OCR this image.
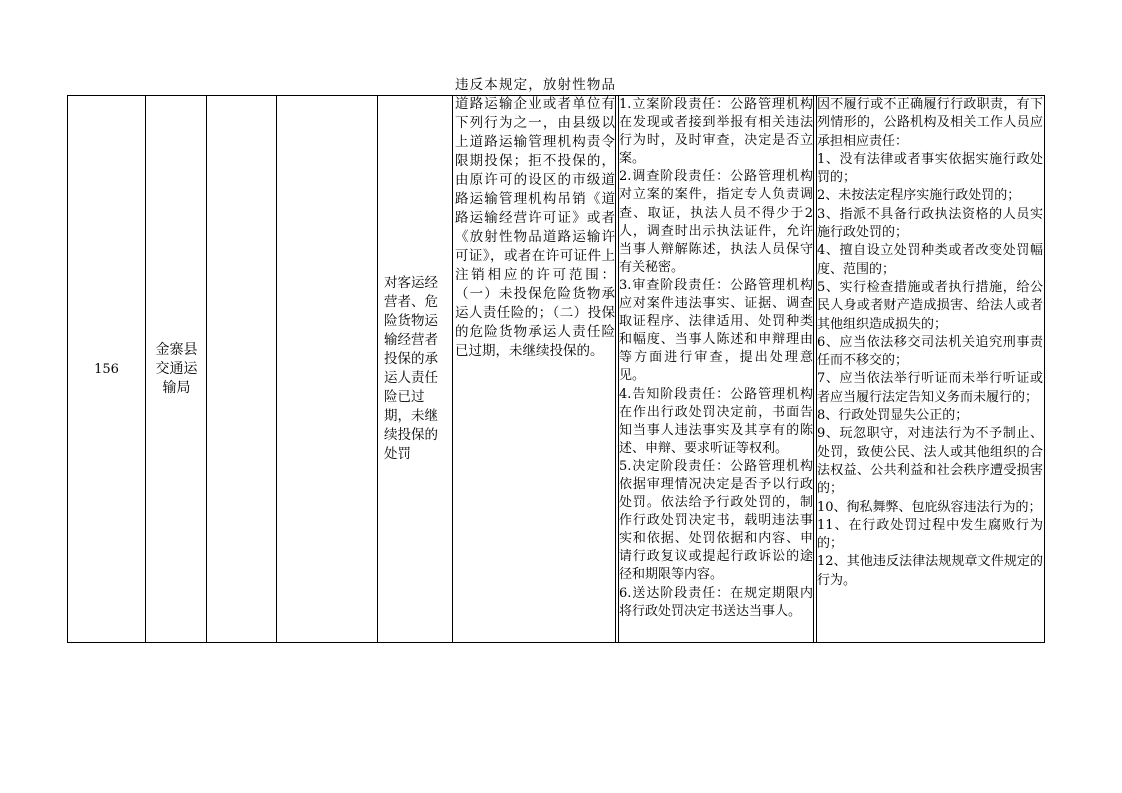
156
金寨县
交通运
输局
对客运经营者、危险货物运输经营者投保的承运人责任险已过期，未继续投保的处罚

违反本规定，放射性物品道路运输企业或者单位有下列行为之一，由县级以上道路运输管理机构责令限期投保；拒不投保的，由原许可的设区的市级道路运输管理机构吊销《道路运输经营许可证》或者《放射性物品道路运输许可证》，或者在许可证件上注销相应的许可范围：（一）未投保危险货物承运人责任险的；（二）投保的危险货物承运人责任险已过期，未继续投保的。

1.立案阶段责任：公路管理机构在发现或者接到举报有相关违法行为时，及时审查，决定是否立案。

2.调查阶段责任：公路管理机构对立案的案件，指定专人负责调查、取证，执法人员不得少于2人，调查时出示执法证件，允许当事人辩解陈述，执法人员保守有关秘密。

3.审查阶段责任：公路管理机构应对案件违法事实、证据、调查取证程序、法律适用、处罚种类和幅度、当事人陈述和申辩理由等方面进行审查，提出处理意见。

4.告知阶段责任：公路管理机构在作出行政处罚决定前，书面告知当事人违法事实及其享有的陈述、申辩、要求听证等权利。

5.决定阶段责任：公路管理机构依据审理情况决定是否予以行政处罚。依法给予行政处罚的，制作行政处罚决定书，载明违法事实和依据、处罚依据和内容、申请行政复议或提起行政诉讼的途径和期限等内容。

6.送达阶段责任：在规定期限内将行政处罚决定书送达当事人。

因不履行或不正确履行行政职责，有下列情形的，公路机构及相关工作人员应承担相应责任：

1、没有法律或者事实依据实施行政处罚的；

2、未按法定程序实施行政处罚的；

3、指派不具备行政执法资格的人员实施行政处罚的；

4、擅自设立处罚种类或者改变处罚幅度、范围的；

5、实行检查措施或者执行措施，给公民人身或者财产造成损害、给法人或者其他组织造成损失的；

6、应当依法移交司法机关追究刑事责任而不移交的；

7、应当依法举行听证而未举行听证或者应当履行法定告知义务而未履行的；

8、行政处罚显失公正的；

9、玩忽职守，对违法行为不予制止、处罚，致使公民、法人或其他组织的合法权益、公共利益和社会秩序遭受损害的；

10、徇私舞弊、包庇纵容违法行为的；

11、在行政处罚过程中发生腐败行为的；

12、其他违反法律法规规章文件规定的行为。
